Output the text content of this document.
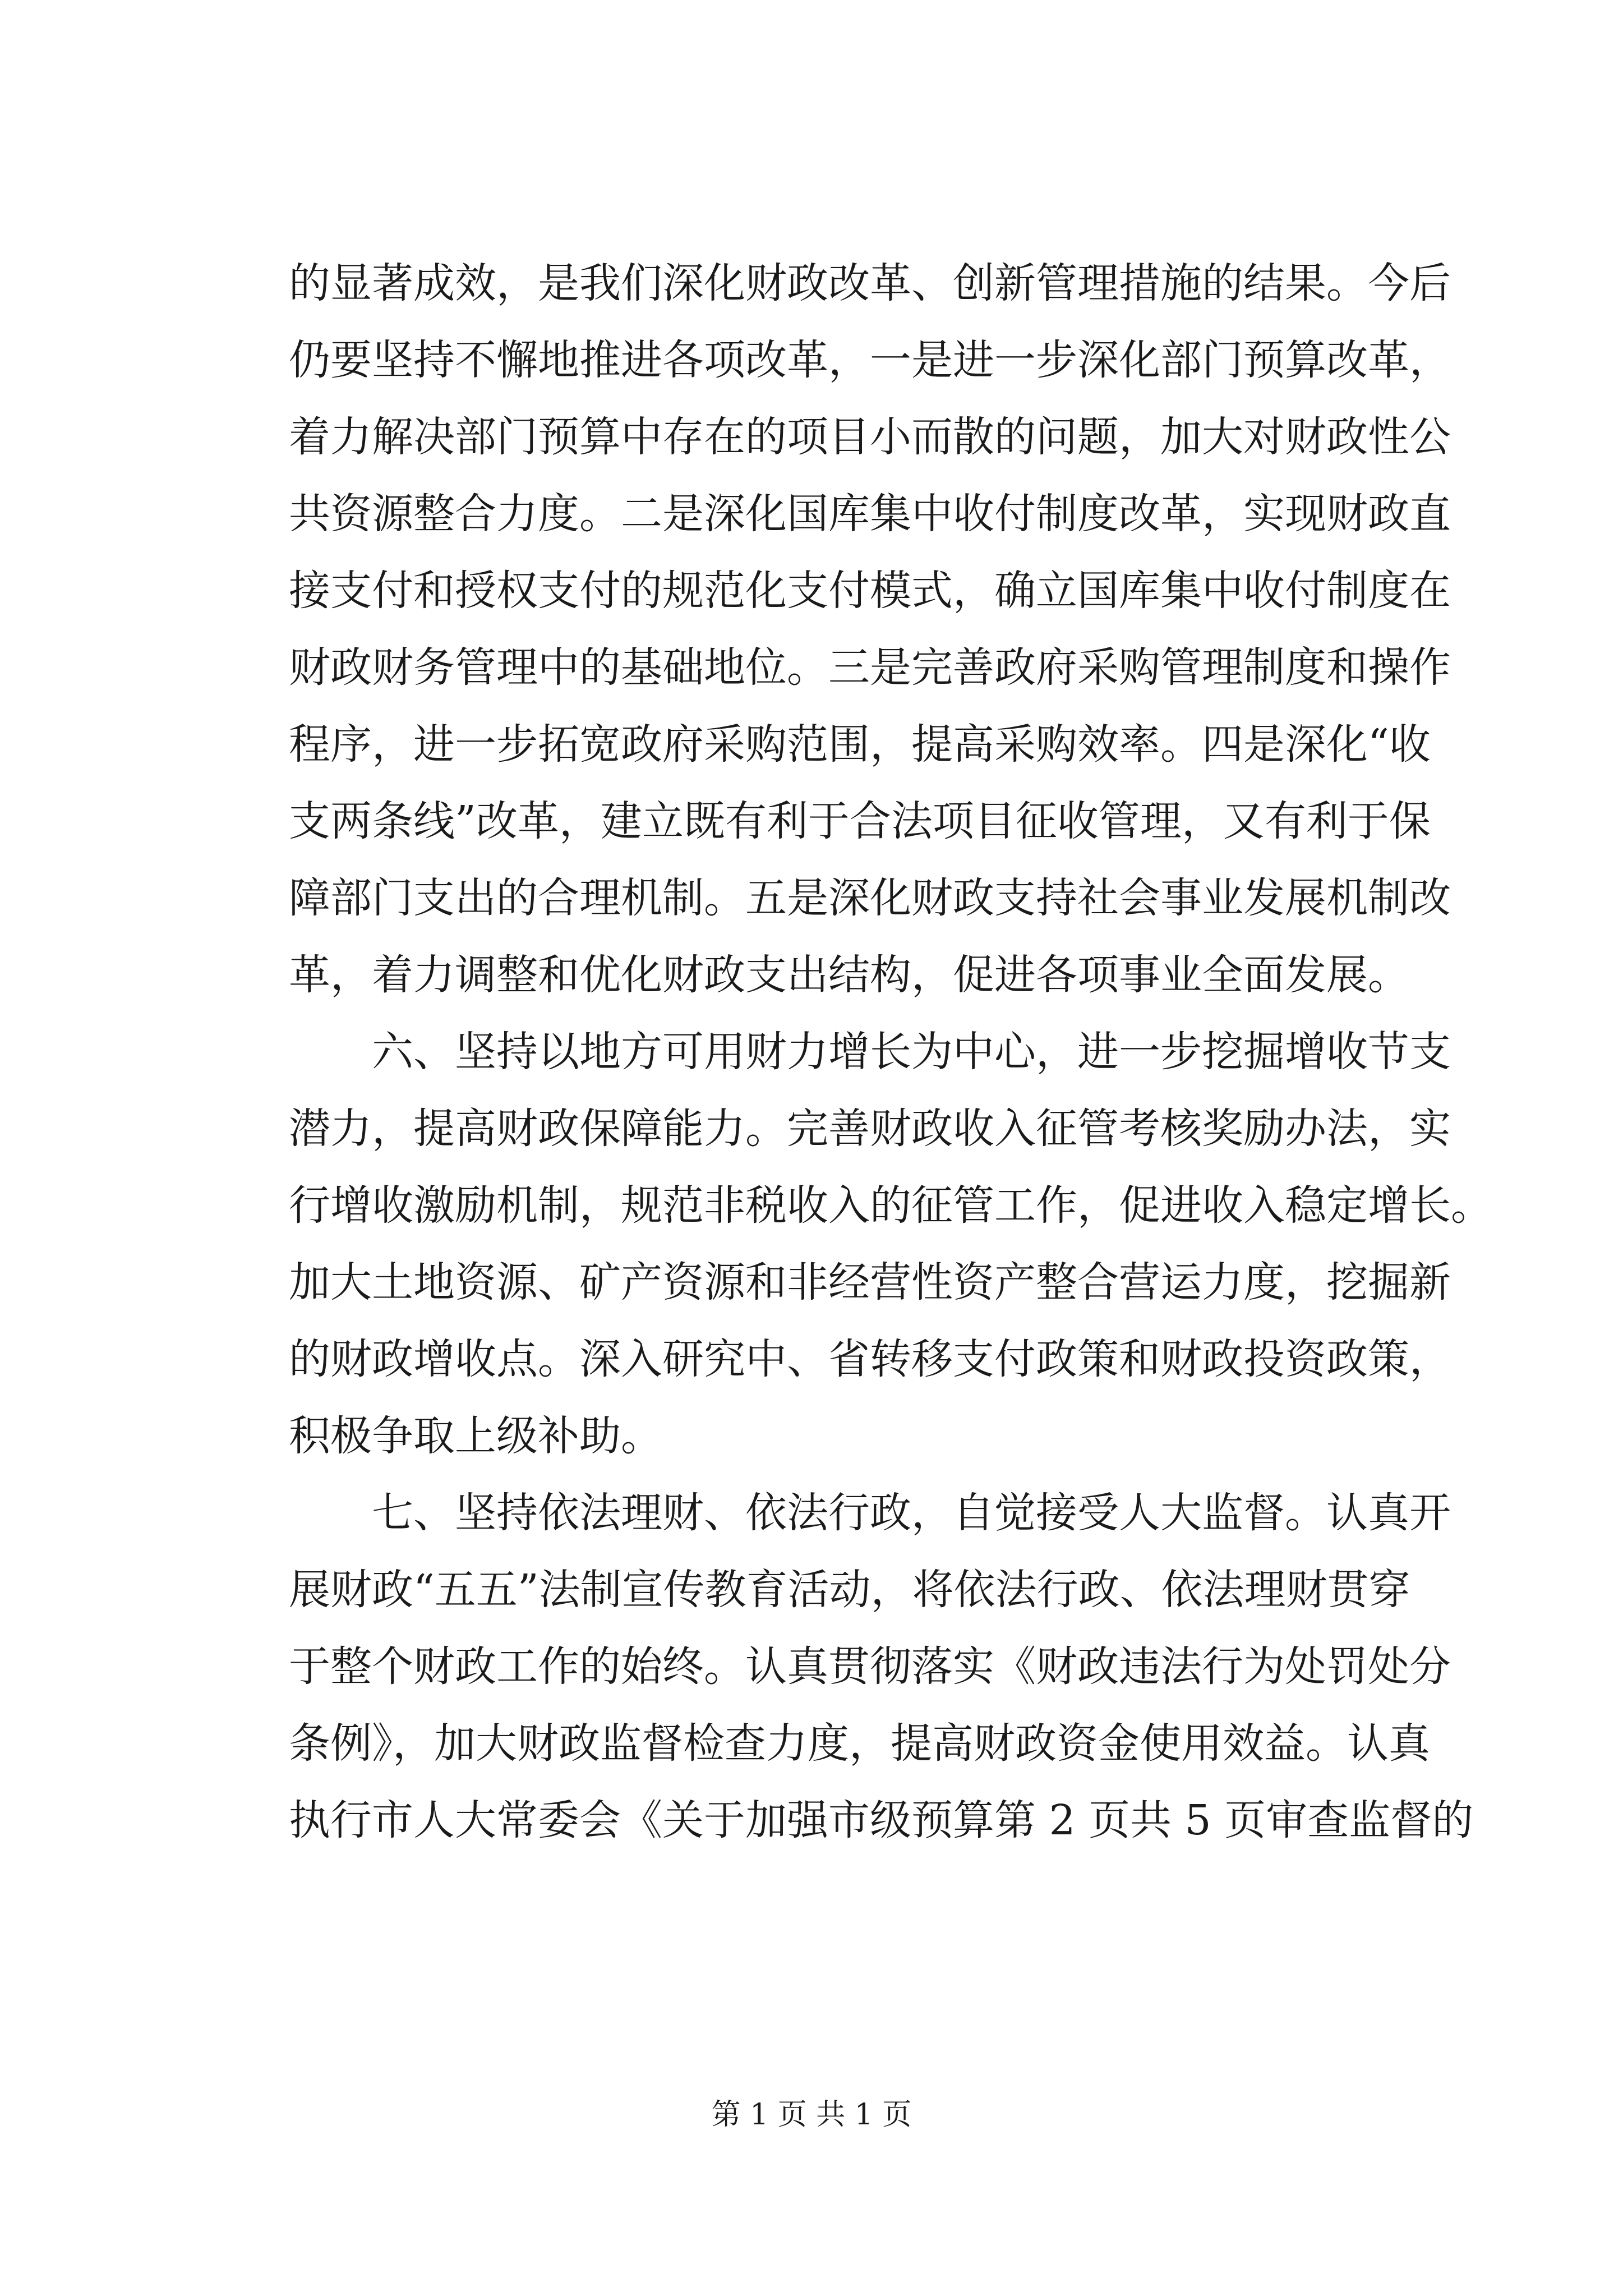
的显著成效，是我们深化财政改革、创新管理措施的结果。今后
仍要坚持不懈地推进各项改革，一是进一步深化部门预算改革，
着力解决部门预算中存在的项目小而散的问题，加大对财政性公
共资源整合力度。二是深化国库集中收付制度改革，实现财政直
接支付和授权支付的规范化支付模式，确立国库集中收付制度在
财政财务管理中的基础地位。三是完善政府采购管理制度和操作
程序，进一步拓宽政府采购范围，提高采购效率。四是深化“收
支两条线”改革，建立既有利于合法项目征收管理，又有利于保
障部门支出的合理机制。五是深化财政支持社会事业发展机制改
革，着力调整和优化财政支出结构，促进各项事业全面发展。
　　六、坚持以地方可用财力增长为中心，进一步挖掘增收节支
潜力，提高财政保障能力。完善财政收入征管考核奖励办法，实
行增收激励机制，规范非税收入的征管工作，促进收入稳定增长。
加大土地资源、矿产资源和非经营性资产整合营运力度，挖掘新
的财政增收点。深入研究中、省转移支付政策和财政投资政策，
积极争取上级补助。
　　七、坚持依法理财、依法行政，自觉接受人大监督。认真开
展财政“五五”法制宣传教育活动，将依法行政、依法理财贯穿
于整个财政工作的始终。认真贯彻落实《财政违法行为处罚处分
条例》，加大财政监督检查力度，提高财政资金使用效益。认真
执行市人大常委会《关于加强市级预算第 2 页共 5 页审查监督的
第 1 页 共 1 页
